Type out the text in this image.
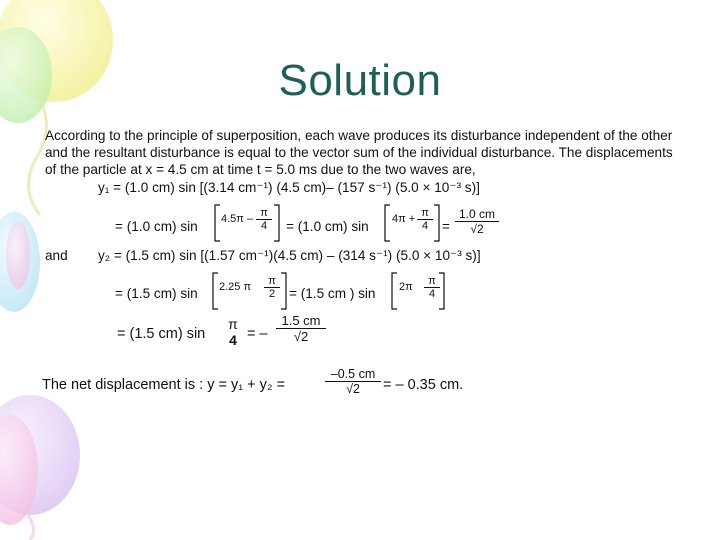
Solution
According to the principle of superposition, each wave produces its disturbance independent of the other and the resultant disturbance is equal to the vector sum of the individual disturbance. The displacements of the particle at x = 4.5 cm at time t = 5.0 ms due to the two waves are,
y₁ = (1.0 cm) sin [(3.14 cm⁻¹) (4.5 cm)– (157 s⁻¹) (5.0 × 10⁻³ s)]
= (1.0 cm) $\sin 4.5\pi - \frac{\pi}{4} = (1.0$ cm) $\sin 4\pi + \frac{\pi}{4} = \frac{1.0 cm}{√2}$
and y₂ = (1.5 cm) sin [(1.57 cm⁻¹)(4.5 cm) – (314 s⁻¹) (5.0 × 10⁻³ s)]
= (1.5 cm) sin 2.25 π $\frac{\pi}{2} = (1.5$ cm ) $\sin 2\pi \frac{\pi}{4}$
= (1.5 cm) sin
π
4 = – $\frac{1.5 cm}{√2}$
The net displacement is : y = y₁ + y₂ =	$\frac{-0.5 cm}{√2}$ = – 0.35 cm.
